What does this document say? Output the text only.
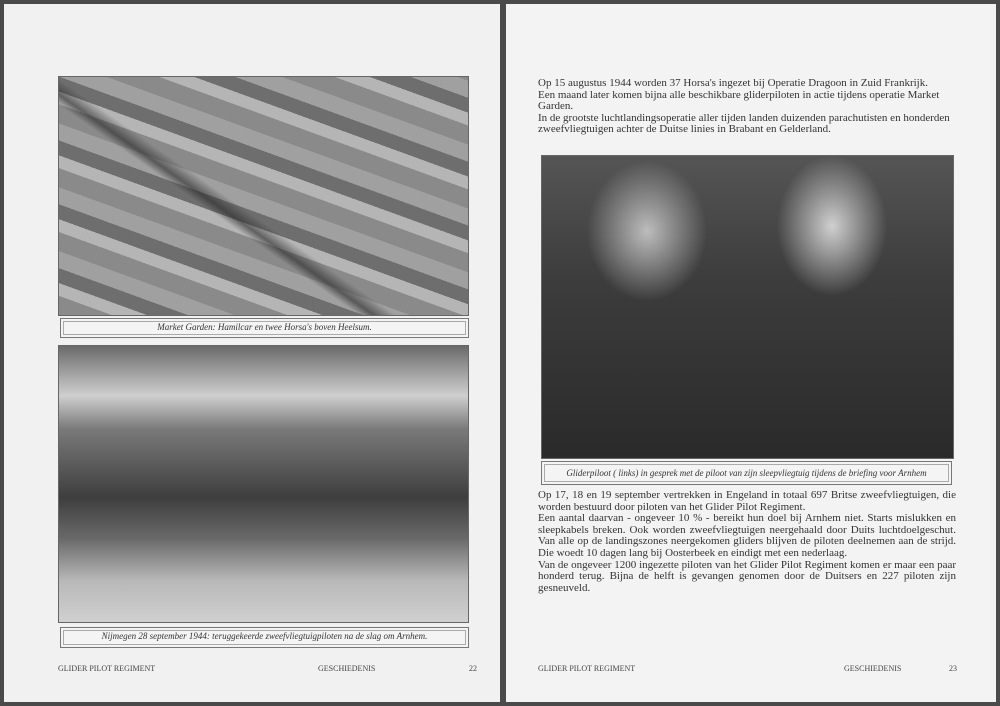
Market Garden: Hamilcar en twee Horsa's boven Heelsum.
Nijmegen 28 september 1944: teruggekeerde zweefvliegtuigpiloten na de slag om Arnhem.
GLIDER PILOT REGIMENT	GESCHIEDENIS	22

Op 15 augustus 1944 worden 37 Horsa's ingezet bij Operatie Dragoon in Zuid Frankrijk.

Een maand later komen bijna alle beschikbare gliderpiloten in actie tijdens operatie Market Garden.

In de grootste luchtlandingsoperatie aller tijden landen duizenden parachutisten en honderden zweefvliegtuigen achter de Duitse linies in Brabant en Gelderland.

Gliderpiloot ( links) in gesprek met de piloot van zijn sleepvliegtuig tijdens de briefing voor Arnhem

Op 17, 18 en 19 september vertrekken in Engeland in totaal 697 Britse zweefvliegtuigen, die worden bestuurd door piloten van het Glider Pilot Regiment.

Een aantal daarvan - ongeveer 10 % - bereikt hun doel bij Arnhem niet. Starts mislukken en sleepkabels breken. Ook worden zweefvliegtuigen neergehaald door Duits luchtdoelgeschut. Van alle op de landingszones neergekomen gliders blijven de piloten deelnemen aan de strijd. Die woedt 10 dagen lang bij Oosterbeek en eindigt met een nederlaag.

Van de ongeveer 1200 ingezette piloten van het Glider Pilot Regiment komen er maar een paar honderd terug. Bijna de helft is gevangen genomen door de Duitsers en 227 piloten zijn gesneuveld.

GLIDER PILOT REGIMENT	GESCHIEDENIS	23
